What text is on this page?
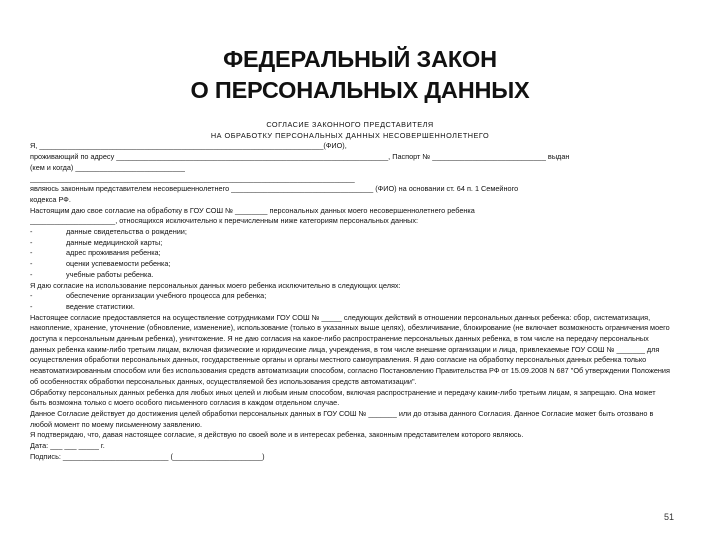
ФЕДЕРАЛЬНЫЙ ЗАКОН
О ПЕРСОНАЛЬНЫХ ДАННЫХ
СОГЛАСИЕ ЗАКОННОГО ПРЕДСТАВИТЕЛЯ
НА ОБРАБОТКУ ПЕРСОНАЛЬНЫХ ДАННЫХ НЕСОВЕРШЕННОЛЕТНЕГО
Я, ______________________________________________________________________(ФИО),
проживающий по адресу ___________________________________________________________________, Паспорт № ____________________________ выдан
(кем и когда) ___________________________
________________________________________________________________________________
являюсь законным представителем несовершеннолетнего ___________________________________ (ФИО) на основании ст. 64 п. 1 Семейного
кодекса РФ.
Настоящим даю свое согласие на обработку в ГОУ СОШ № ________ персональных данных моего несовершеннолетнего ребенка
_____________________, относящихся исключительно к перечисленным ниже категориям персональных данных:
-	данные свидетельства о рождении;
-	данные медицинской карты;
-	адрес проживания ребенка;
-	оценки успеваемости ребенка;
-	учебные работы ребенка.
Я даю согласие на использование персональных данных моего ребенка исключительно в следующих целях:
-	обеспечение организации учебного процесса для ребенка;
-	ведение статистики.
Настоящее согласие предоставляется на осуществление сотрудниками ГОУ СОШ № _____ следующих действий в отношении персональных данных ребенка: сбор, систематизация, накопление, хранение, уточнение (обновление, изменение), использование (только в указанных выше целях), обезличивание, блокирование (не включает возможность ограничения моего доступа к персональным данным ребенка), уничтожение. Я не даю согласия на какое-либо распространение персональных данных ребенка, в том числе на передачу персональных данных ребенка каким-либо третьим лицам, включая физические и юридические лица, учреждения, в том числе внешние организации и лица, привлекаемые ГОУ СОШ № _______ для осуществления обработки персональных данных, государственные органы и органы местного самоуправления. Я даю согласие на обработку персональных данных ребенка только неавтоматизированным способом или без использования средств автоматизации способом, согласно Постановлению Правительства РФ от 15.09.2008 N 687 "Об утверждении Положения об особенностях обработки персональных данных, осуществляемой без использования средств автоматизации".
Обработку персональных данных ребенка для любых иных целей и любым иным способом, включая распространение и передачу каким-либо третьим лицам, я запрещаю. Она может быть возможна только с моего особого письменного согласия в каждом отдельном случае.
Данное Согласие действует до достижения целей обработки персональных данных в ГОУ СОШ № _______ или до отзыва данного Согласия. Данное Согласие может быть отозвано в любой момент по моему письменному заявлению.
Я подтверждаю, что, давая настоящее согласие, я действую по своей воле и в интересах ребенка, законным представителем которого являюсь.
Дата: ___ ___ _____ г.
Подпись: __________________________ (______________________)
51
